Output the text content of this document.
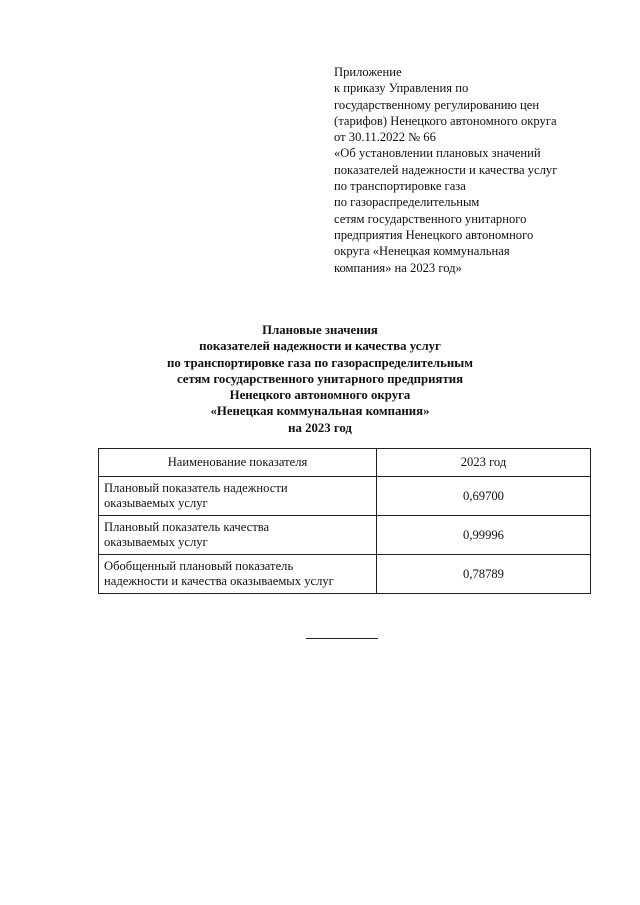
Приложение
к приказу Управления по
государственному регулированию цен
(тарифов) Ненецкого автономного округа
от 30.11.2022 № 66
«Об установлении плановых значений
показателей надежности и качества услуг
по транспортировке газа
по газораспределительным
сетям государственного унитарного
предприятия Ненецкого автономного
округа «Ненецкая коммунальная
компания» на 2023 год»
Плановые значения
показателей надежности и качества услуг
по транспортировке газа по газораспределительным
сетям государственного унитарного предприятия
Ненецкого автономного округа
«Ненецкая коммунальная компания»
на 2023 год
Наименование показателя	2023 год

Плановый показатель надежности
оказываемых услуг	0,69700

Плановый показатель качества
оказываемых услуг	0,99996

Обобщенный плановый показатель
надежности и качества оказываемых услуг	0,78789
